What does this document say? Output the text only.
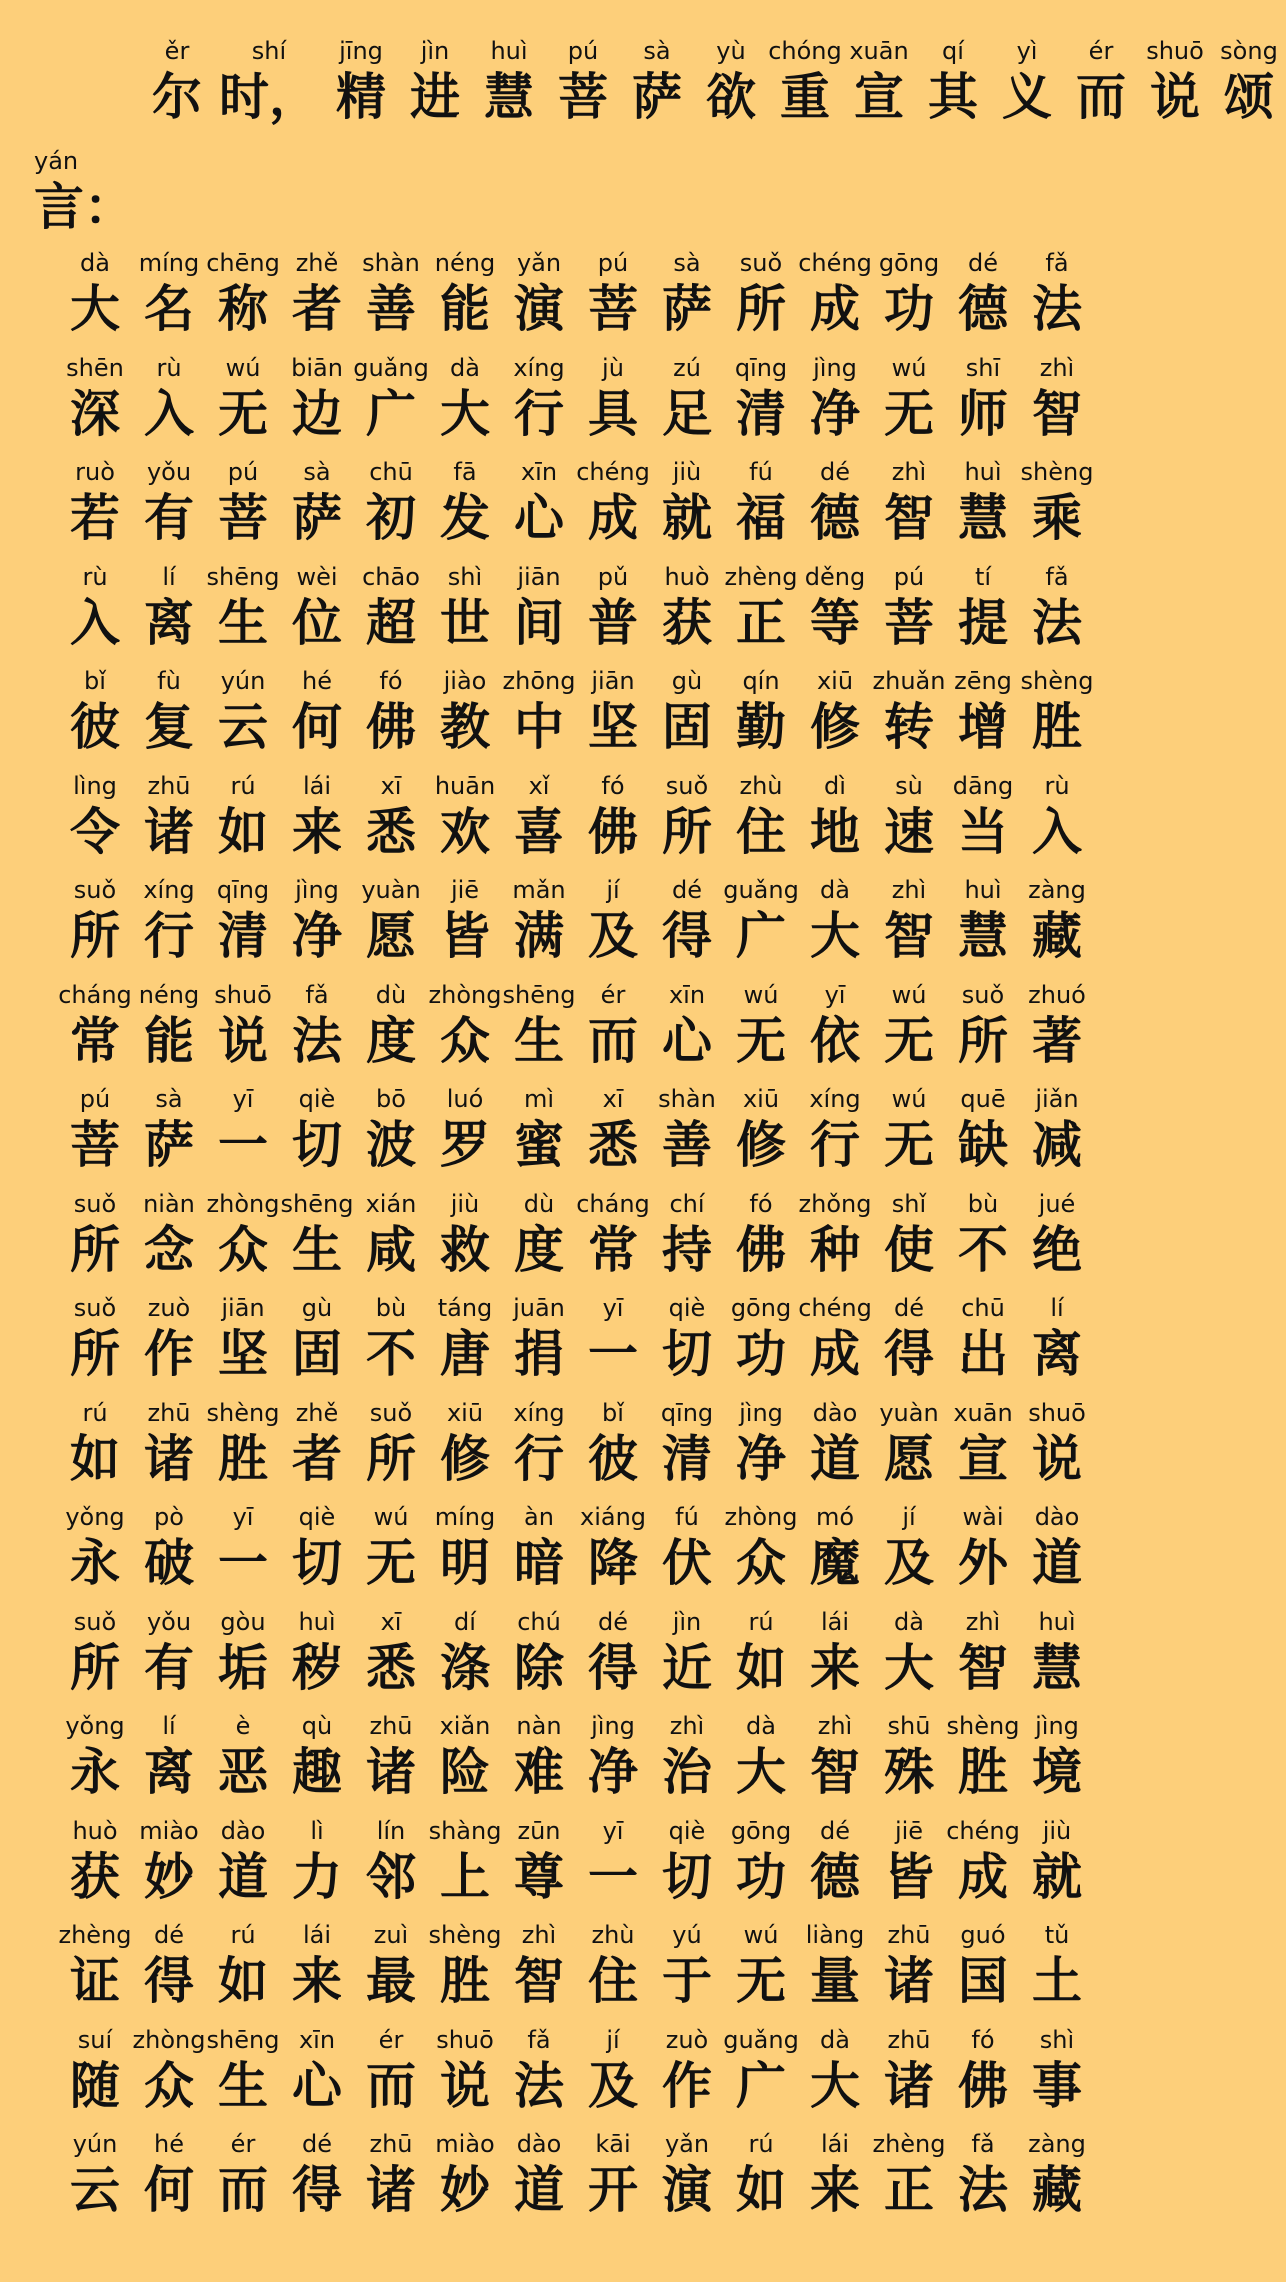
ěr
尔
shí
时，
jīng
精
jìn
进
huì
慧
pú
菩
sà
萨
yù
欲
chóng
重
xuān
宣
qí
其
yì
义
ér
而
shuō
说
sòng
颂
yán
言：
dà
大
míng
名
chēng
称
zhě
者
shàn
善
néng
能
yǎn
演
pú
菩
sà
萨
suǒ
所
chéng
成
gōng
功
dé
德
fǎ
法
shēn
深
rù
入
wú
无
biān
边
guǎng
广
dà
大
xíng
行
jù
具
zú
足
qīng
清
jìng
净
wú
无
shī
师
zhì
智
ruò
若
yǒu
有
pú
菩
sà
萨
chū
初
fā
发
xīn
心
chéng
成
jiù
就
fú
福
dé
德
zhì
智
huì
慧
shèng
乘
rù
入
lí
离
shēng
生
wèi
位
chāo
超
shì
世
jiān
间
pǔ
普
huò
获
zhèng
正
děng
等
pú
菩
tí
提
fǎ
法
bǐ
彼
fù
复
yún
云
hé
何
fó
佛
jiào
教
zhōng
中
jiān
坚
gù
固
qín
勤
xiū
修
zhuǎn
转
zēng
增
shèng
胜
lìng
令
zhū
诸
rú
如
lái
来
xī
悉
huān
欢
xǐ
喜
fó
佛
suǒ
所
zhù
住
dì
地
sù
速
dāng
当
rù
入
suǒ
所
xíng
行
qīng
清
jìng
净
yuàn
愿
jiē
皆
mǎn
满
jí
及
dé
得
guǎng
广
dà
大
zhì
智
huì
慧
zàng
藏
cháng
常
néng
能
shuō
说
fǎ
法
dù
度
zhòng
众
shēng
生
ér
而
xīn
心
wú
无
yī
依
wú
无
suǒ
所
zhuó
著
pú
菩
sà
萨
yī
一
qiè
切
bō
波
luó
罗
mì
蜜
xī
悉
shàn
善
xiū
修
xíng
行
wú
无
quē
缺
jiǎn
减
suǒ
所
niàn
念
zhòng
众
shēng
生
xián
咸
jiù
救
dù
度
cháng
常
chí
持
fó
佛
zhǒng
种
shǐ
使
bù
不
jué
绝
suǒ
所
zuò
作
jiān
坚
gù
固
bù
不
táng
唐
juān
捐
yī
一
qiè
切
gōng
功
chéng
成
dé
得
chū
出
lí
离
rú
如
zhū
诸
shèng
胜
zhě
者
suǒ
所
xiū
修
xíng
行
bǐ
彼
qīng
清
jìng
净
dào
道
yuàn
愿
xuān
宣
shuō
说
yǒng
永
pò
破
yī
一
qiè
切
wú
无
míng
明
àn
暗
xiáng
降
fú
伏
zhòng
众
mó
魔
jí
及
wài
外
dào
道
suǒ
所
yǒu
有
gòu
垢
huì
秽
xī
悉
dí
涤
chú
除
dé
得
jìn
近
rú
如
lái
来
dà
大
zhì
智
huì
慧
yǒng
永
lí
离
è
恶
qù
趣
zhū
诸
xiǎn
险
nàn
难
jìng
净
zhì
治
dà
大
zhì
智
shū
殊
shèng
胜
jìng
境
huò
获
miào
妙
dào
道
lì
力
lín
邻
shàng
上
zūn
尊
yī
一
qiè
切
gōng
功
dé
德
jiē
皆
chéng
成
jiù
就
zhèng
证
dé
得
rú
如
lái
来
zuì
最
shèng
胜
zhì
智
zhù
住
yú
于
wú
无
liàng
量
zhū
诸
guó
国
tǔ
土
suí
随
zhòng
众
shēng
生
xīn
心
ér
而
shuō
说
fǎ
法
jí
及
zuò
作
guǎng
广
dà
大
zhū
诸
fó
佛
shì
事
yún
云
hé
何
ér
而
dé
得
zhū
诸
miào
妙
dào
道
kāi
开
yǎn
演
rú
如
lái
来
zhèng
正
fǎ
法
zàng
藏
